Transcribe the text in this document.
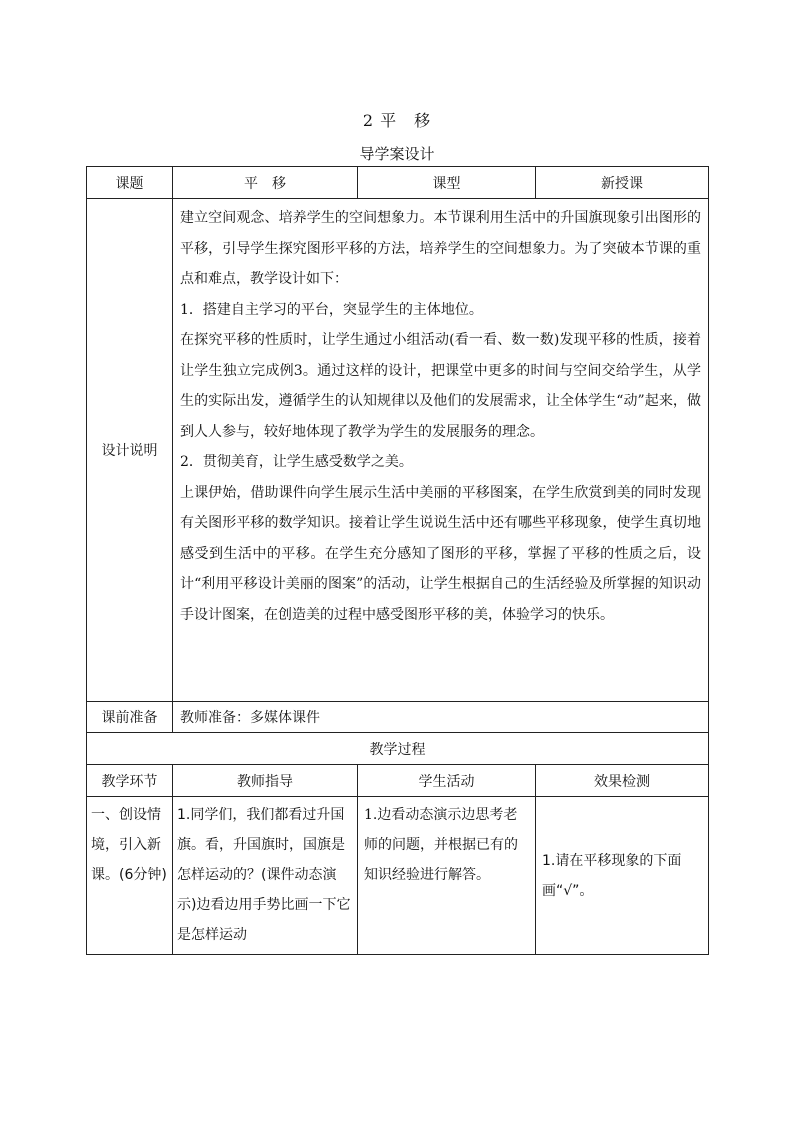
2 平　移
导学案设计
课题	平　移	课型	新授课
设计说明	建立空间观念、培养学生的空间想象力。本节课利用生活中的升国旗现象引出图形的平移，引导学生探究图形平移的方法，培养学生的空间想象力。为了突破本节课的重点和难点，教学设计如下：

1．搭建自主学习的平台，突显学生的主体地位。

在探究平移的性质时，让学生通过小组活动(看一看、数一数)发现平移的性质，接着让学生独立完成例3。通过这样的设计，把课堂中更多的时间与空间交给学生，从学生的实际出发，遵循学生的认知规律以及他们的发展需求，让全体学生“动”起来，做到人人参与，较好地体现了教学为学生的发展服务的理念。

2．贯彻美育，让学生感受数学之美。

上课伊始，借助课件向学生展示生活中美丽的平移图案，在学生欣赏到美的同时发现有关图形平移的数学知识。接着让学生说说生活中还有哪些平移现象，使学生真切地感受到生活中的平移。在学生充分感知了图形的平移，掌握了平移的性质之后，设计“利用平移设计美丽的图案”的活动，让学生根据自己的生活经验及所掌握的知识动手设计图案，在创造美的过程中感受图形平移的美，体验学习的快乐。		

课前准备	教师准备：多媒体课件		
教学过程			
教学环节	教师指导	学生活动	效果检测
一、创设情境，引入新课。(6分钟)	1.同学们，我们都看过升国旗。看，升国旗时，国旗是怎样运动的？(课件动态演示)边看边用手势比画一下它是怎样运动	1.边看动态演示边思考老师的问题，并根据已有的知识经验进行解答。	1.请在平移现象的下面画“√”。
